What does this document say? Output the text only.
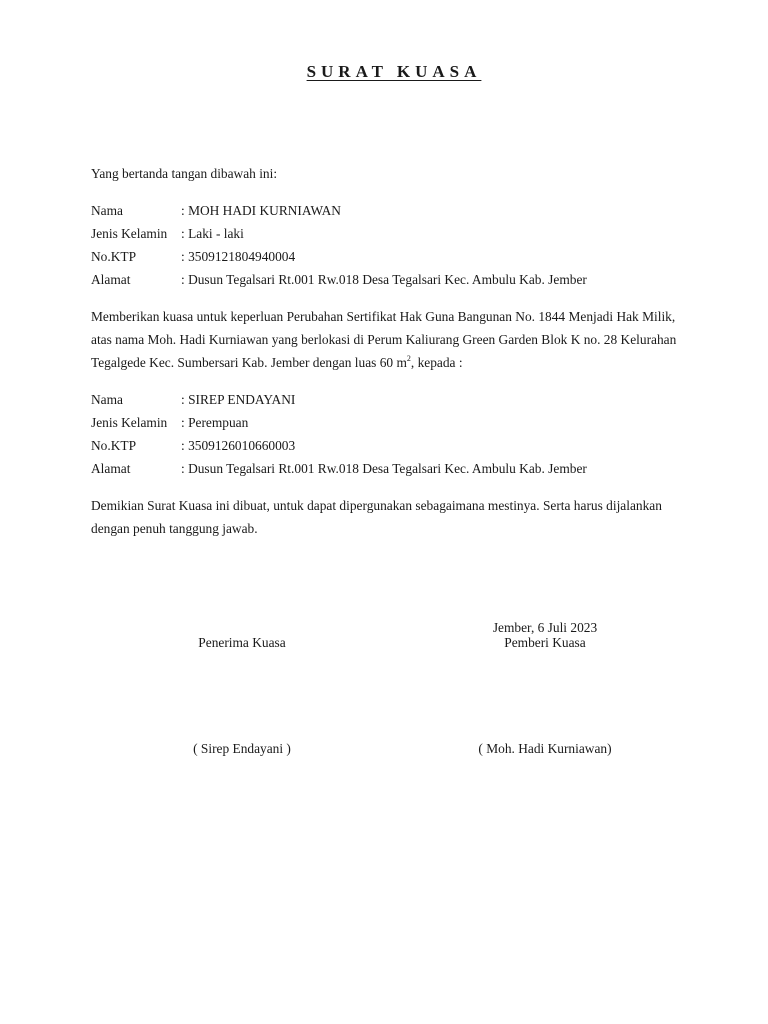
SURAT KUASA
Yang bertanda tangan dibawah ini:
Nama	: MOH HADI KURNIAWAN
Jenis Kelamin : Laki - laki
No.KTP	: 3509121804940004
Alamat	: Dusun Tegalsari Rt.001 Rw.018 Desa Tegalsari Kec. Ambulu Kab. Jember
Memberikan kuasa untuk keperluan Perubahan Sertifikat Hak Guna Bangunan No. 1844 Menjadi Hak Milik, atas nama Moh. Hadi Kurniawan yang berlokasi di Perum Kaliurang Green Garden Blok K no. 28 Kelurahan Tegalgede Kec. Sumbersari Kab. Jember dengan luas 60 $m^2$, kepada :
Nama	: SIREP ENDAYANI
Jenis Kelamin : Perempuan
No.KTP	: 3509126010660003
Alamat	: Dusun Tegalsari Rt.001 Rw.018 Desa Tegalsari Kec. Ambulu Kab. Jember
Demikian Surat Kuasa ini dibuat, untuk dapat dipergunakan sebagaimana mestinya. Serta harus dijalankan dengan penuh tanggung jawab.
Jember, 6 Juli 2023
Penerima Kuasa	Pemberi Kuasa
( Sirep Endayani )	( Moh. Hadi Kurniawan)
